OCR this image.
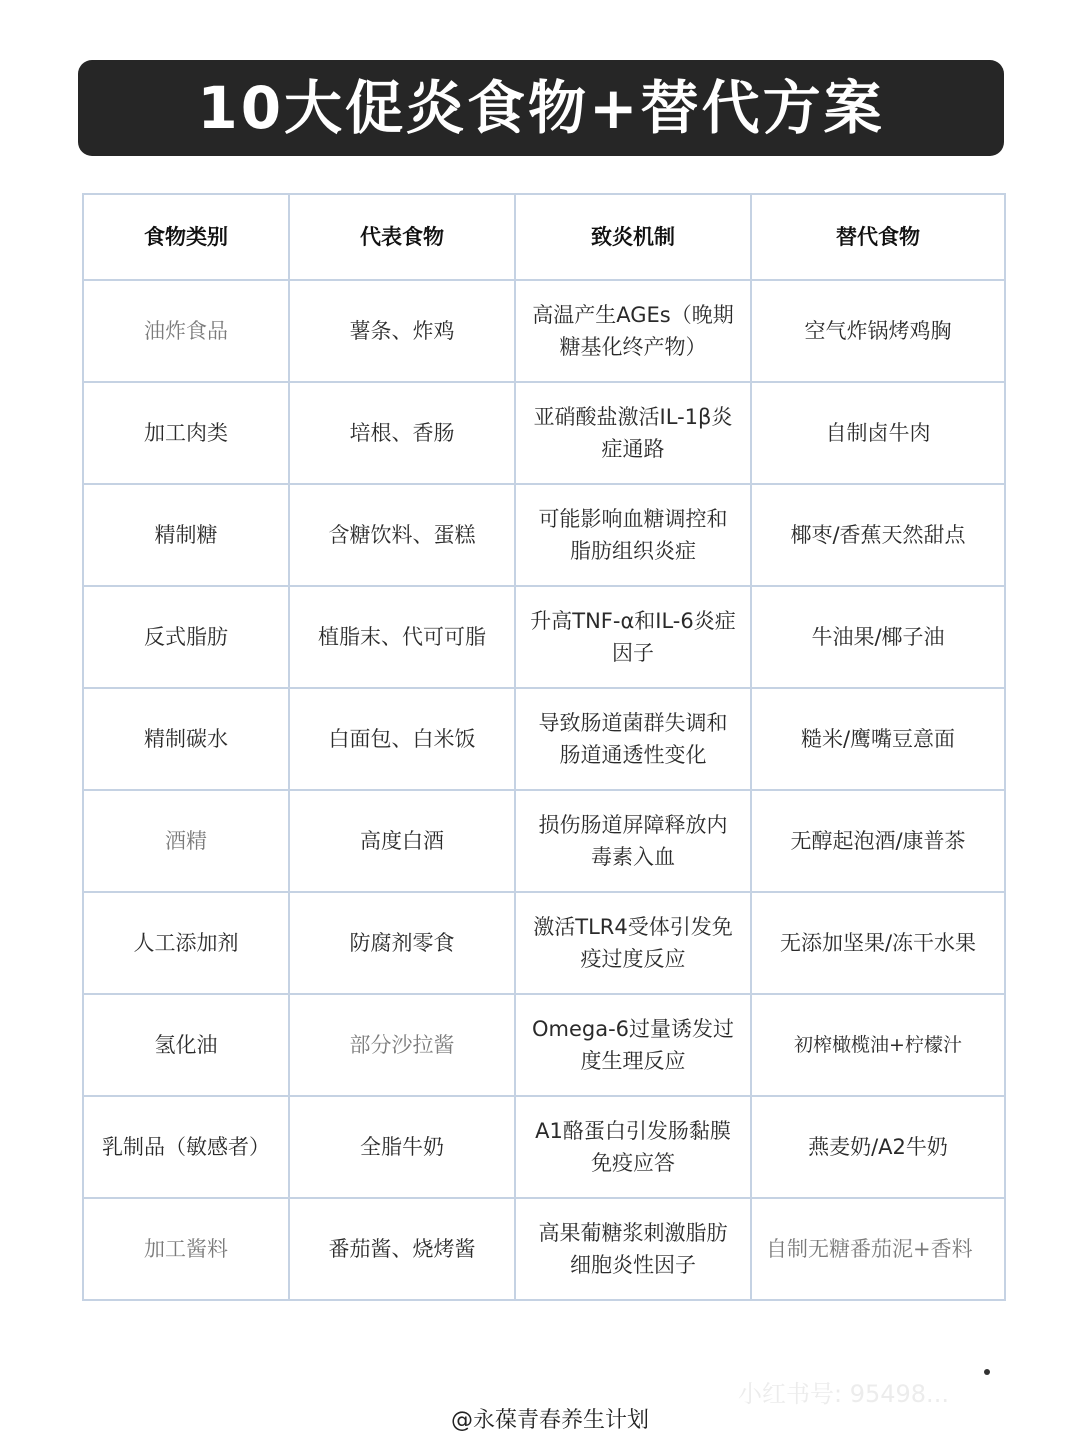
10大促炎食物+替代方案
食物类别	代表食物	致炎机制	替代食物
油炸食品	薯条、炸鸡	高温产生AGEs（晚期糖基化终产物）	空气炸锅烤鸡胸
加工肉类	培根、香肠	亚硝酸盐激活IL-1β炎症通路	自制卤牛肉
精制糖	含糖饮料、蛋糕	可能影响血糖调控和脂肪组织炎症	椰枣/香蕉天然甜点
反式脂肪	植脂末、代可可脂	升高TNF-α和IL-6炎症因子	牛油果/椰子油
精制碳水	白面包、白米饭	导致肠道菌群失调和肠道通透性变化	糙米/鹰嘴豆意面
酒精	高度白酒	损伤肠道屏障释放内毒素入血	无醇起泡酒/康普茶
人工添加剂	防腐剂零食	激活TLR4受体引发免疫过度反应	无添加坚果/冻干水果
氢化油	部分沙拉酱	Omega-6过量诱发过度生理反应	初榨橄榄油+柠檬汁
乳制品（敏感者）	全脂牛奶	A1酪蛋白引发肠黏膜免疫应答	燕麦奶/A2牛奶
加工酱料	番茄酱、烧烤酱	高果葡糖浆刺激脂肪细胞炎性因子	自制无糖番茄泥+香料
小红书号: 95498...
@永葆青春养生计划
